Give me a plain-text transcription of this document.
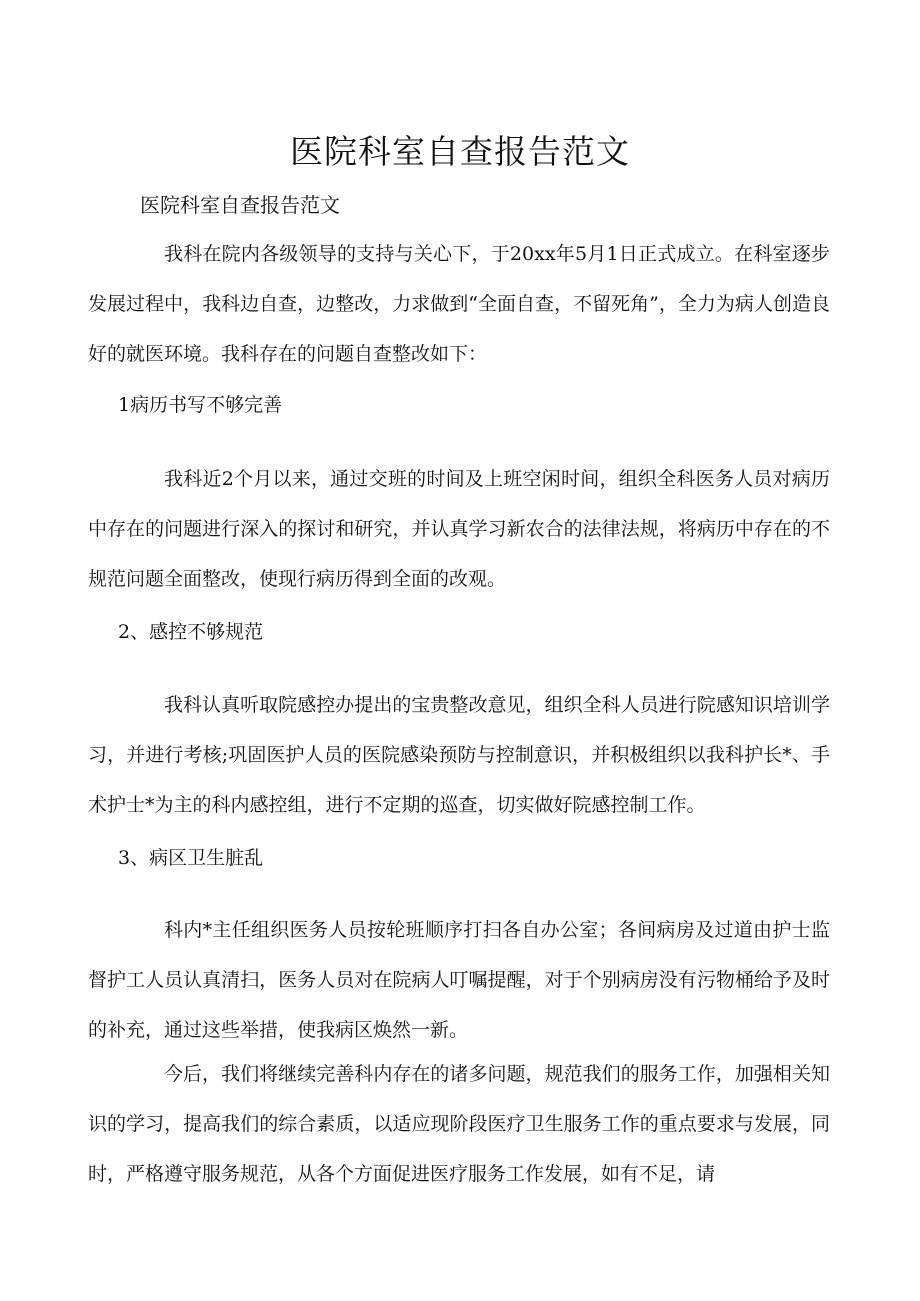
医院科室自查报告范文
医院科室自查报告范文

我科在院内各级领导的支持与关心下，于20xx年5月1日正式成立。在科室逐步发展过程中，我科边自查，边整改，力求做到“全面自查，不留死角”，全力为病人创造良好的就医环境。我科存在的问题自查整改如下：

1病历书写不够完善

我科近2个月以来，通过交班的时间及上班空闲时间，组织全科医务人员对病历中存在的问题进行深入的探讨和研究，并认真学习新农合的法律法规，将病历中存在的不规范问题全面整改，使现行病历得到全面的改观。

2、感控不够规范

我科认真听取院感控办提出的宝贵整改意见，组织全科人员进行院感知识培训学习，并进行考核;巩固医护人员的医院感染预防与控制意识，并积极组织以我科护长*、手术护士*为主的科内感控组，进行不定期的巡查，切实做好院感控制工作。

3、病区卫生脏乱

科内*主任组织医务人员按轮班顺序打扫各自办公室；各间病房及过道由护士监督护工人员认真清扫，医务人员对在院病人叮嘱提醒，对于个别病房没有污物桶给予及时的补充，通过这些举措，使我病区焕然一新。

今后，我们将继续完善科内存在的诸多问题，规范我们的服务工作，加强相关知识的学习，提高我们的综合素质，以适应现阶段医疗卫生服务工作的重点要求与发展，同时，严格遵守服务规范，从各个方面促进医疗服务工作发展，如有不足，请
